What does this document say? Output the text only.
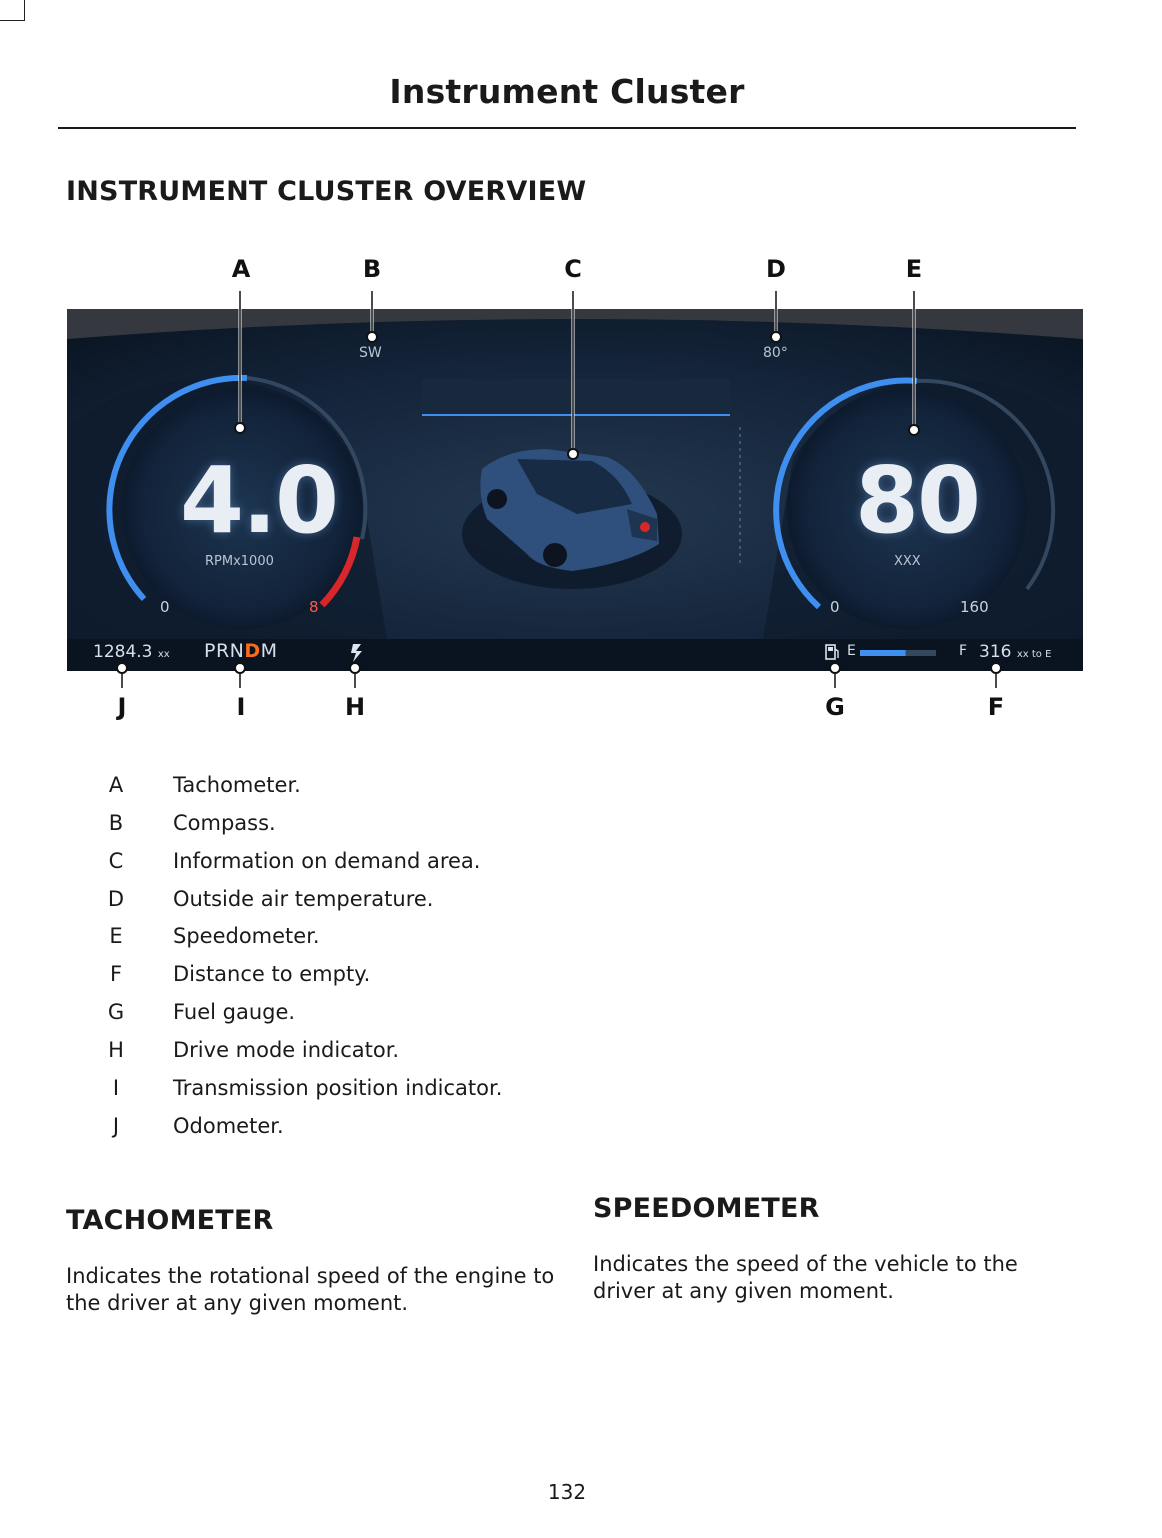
Instrument Cluster
INSTRUMENT CLUSTER OVERVIEW
A	B	C	D	E
J	I	H	G	F
SW	80°
4.0
RPMx1000
0	8
80
XXX
0	160
1284.3 xx PRNDM	E	F 316 xx to E
A	Tachometer.
B	Compass.
C	Information on demand area.
D	Outside air temperature.
E	Speedometer.
F	Distance to empty.
G	Fuel gauge.
H	Drive mode indicator.
I	Transmission position indicator.
J	Odometer.
TACHOMETER
Indicates the rotational speed of the engine to the driver at any given moment.
SPEEDOMETER
Indicates the speed of the vehicle to the driver at any given moment.
132
